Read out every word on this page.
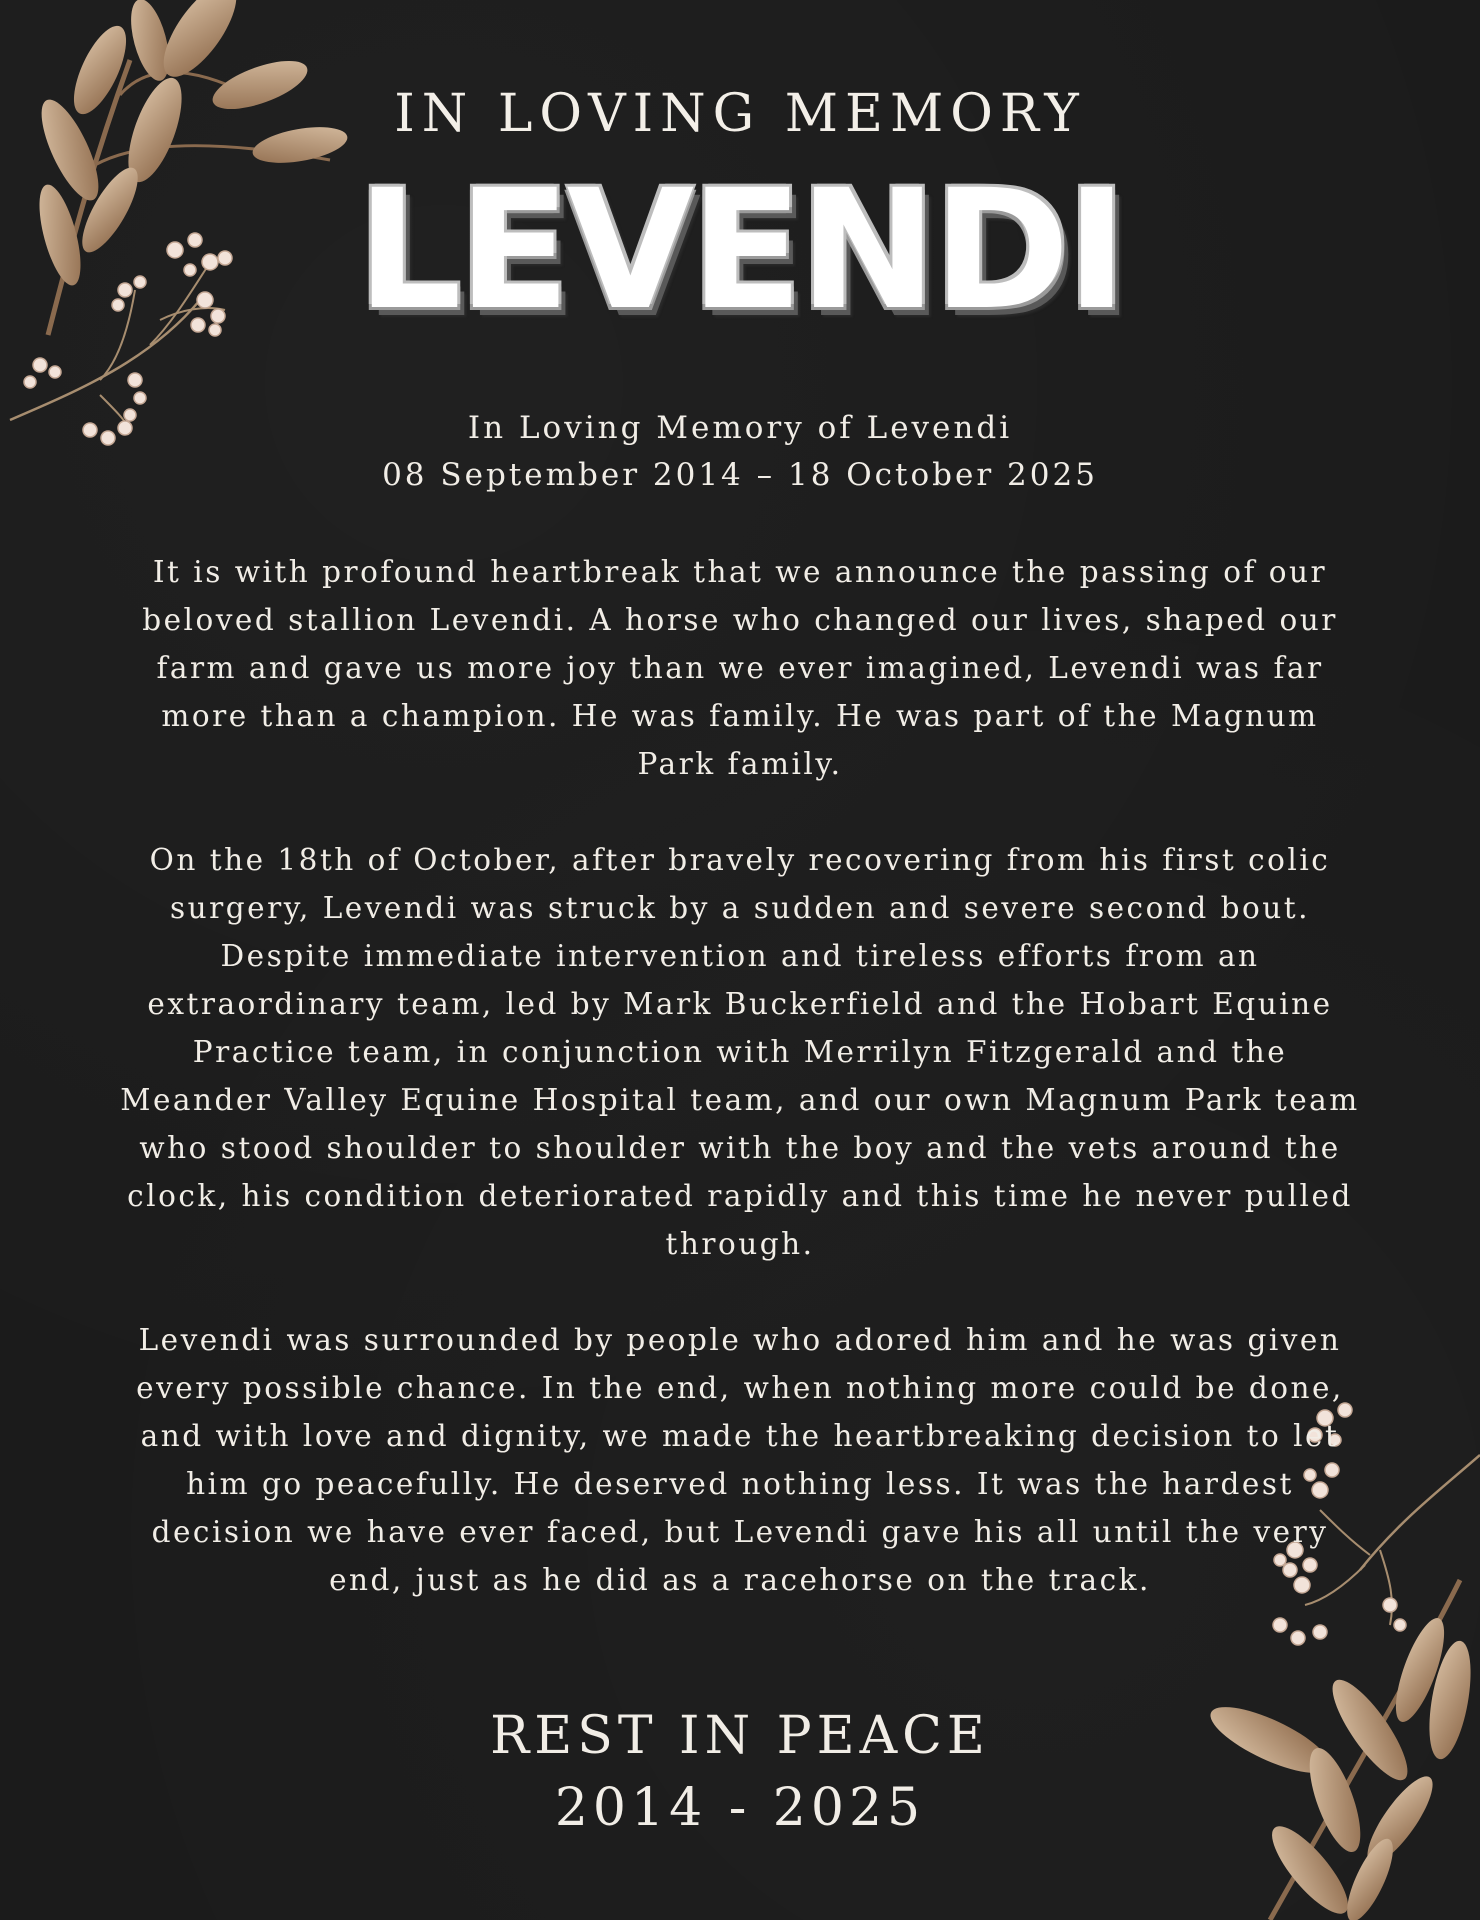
IN LOVING MEMORY
LEVENDI
In Loving Memory of Levendi
08 September 2014 – 18 October 2025

It is with profound heartbreak that we announce the passing of our beloved stallion Levendi. A horse who changed our lives, shaped our farm and gave us more joy than we ever imagined, Levendi was far more than a champion. He was family. He was part of the Magnum Park family.

On the 18th of October, after bravely recovering from his first colic surgery, Levendi was struck by a sudden and severe second bout. Despite immediate intervention and tireless efforts from an extraordinary team, led by Mark Buckerfield and the Hobart Equine Practice team, in conjunction with Merrilyn Fitzgerald and the Meander Valley Equine Hospital team, and our own Magnum Park team who stood shoulder to shoulder with the boy and the vets around the clock, his condition deteriorated rapidly and this time he never pulled through.

Levendi was surrounded by people who adored him and he was given every possible chance. In the end, when nothing more could be done, and with love and dignity, we made the heartbreaking decision to let him go peacefully. He deserved nothing less. It was the hardest decision we have ever faced, but Levendi gave his all until the very end, just as he did as a racehorse on the track.

REST IN PEACE
2014 - 2025
